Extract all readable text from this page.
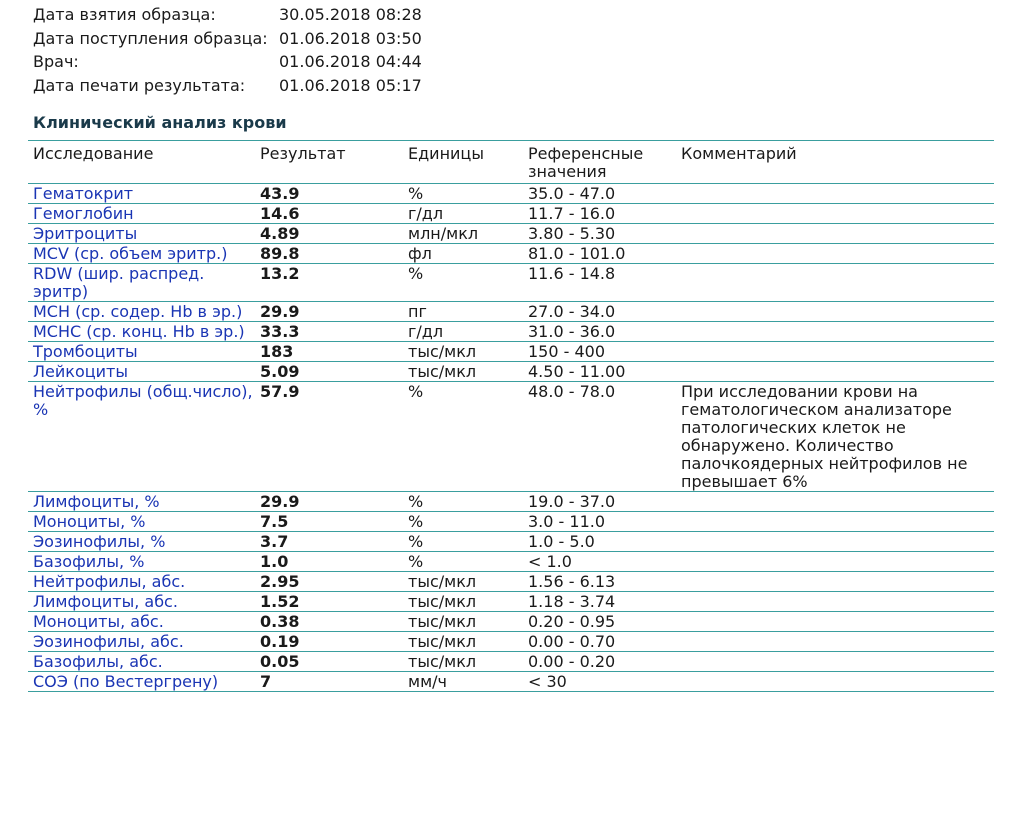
Дата взятия образца:	30.05.2018 08:28
Дата поступления образца: 01.06.2018 03:50
Врач:	01.06.2018 04:44
Дата печати результата: 01.06.2018 05:17
Клинический анализ крови
Исследование	Результат	Единицы	Референсные значения	Комментарий
Гематокрит	43.9	%	35.0 - 47.0	
Гемоглобин	14.6	г/дл	11.7 - 16.0	
Эритроциты	4.89	млн/мкл	3.80 - 5.30	
MCV (ср. объем эритр.)	89.8	фл	81.0 - 101.0	
RDW (шир. распред. эритр)	13.2	%	11.6 - 14.8	
MCH (ср. содер. Hb в эр.)	29.9	пг	27.0 - 34.0	
MCHC (ср. конц. Hb в эр.)	33.3	г/дл	31.0 - 36.0	
Тромбоциты	183	тыс/мкл	150 - 400	
Лейкоциты	5.09	тыс/мкл	4.50 - 11.00	
Нейтрофилы (общ.число), %	57.9	%	48.0 - 78.0	При исследовании крови на гематологическом анализаторе патологических клеток не обнаружено. Количество палочкоядерных нейтрофилов не превышает 6%
Лимфоциты, %	29.9	%	19.0 - 37.0	
Моноциты, %	7.5	%	3.0 - 11.0	
Эозинофилы, %	3.7	%	1.0 - 5.0	
Базофилы, %	1.0	%	< 1.0	
Нейтрофилы, абс.	2.95	тыс/мкл	1.56 - 6.13	
Лимфоциты, абс.	1.52	тыс/мкл	1.18 - 3.74	
Моноциты, абс.	0.38	тыс/мкл	0.20 - 0.95	
Эозинофилы, абс.	0.19	тыс/мкл	0.00 - 0.70	
Базофилы, абс.	0.05	тыс/мкл	0.00 - 0.20	
СОЭ (по Вестергрену)	7	мм/ч	< 30	
